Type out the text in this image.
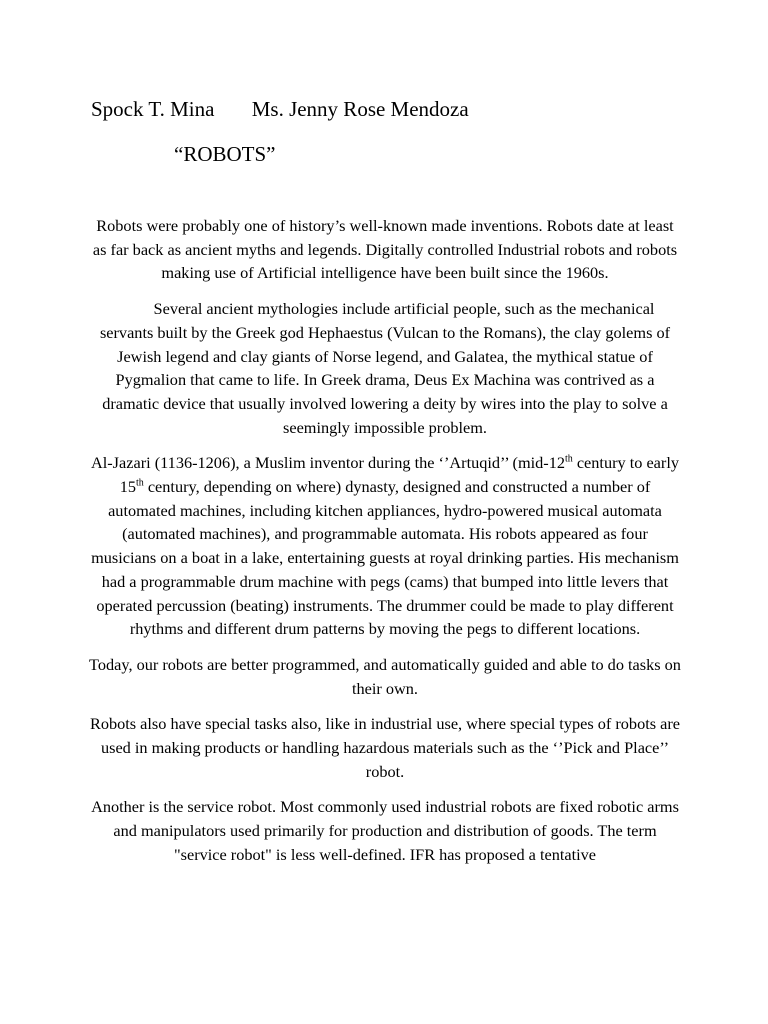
Spock T. Mina Ms. Jenny Rose Mendoza
“ROBOTS”

Robots were probably one of history’s well-known made inventions. Robots date at least as far back as ancient myths and legends. Digitally controlled Industrial robots and robots making use of Artificial intelligence have been built since the 1960s.

Several ancient mythologies include artificial people, such as the mechanical servants built by the Greek god Hephaestus (Vulcan to the Romans), the clay golems of Jewish legend and clay giants of Norse legend, and Galatea, the mythical statue of Pygmalion that came to life. In Greek drama, Deus Ex Machina was contrived as a dramatic device that usually involved lowering a deity by wires into the play to solve a seemingly impossible problem.

Al-Jazari (1136-1206), a Muslim inventor during the ‘’Artuqid’’ (mid-12th century to early 15th century, depending on where) dynasty, designed and constructed a number of automated machines, including kitchen appliances, hydro-powered musical automata (automated machines), and programmable automata. His robots appeared as four musicians on a boat in a lake, entertaining guests at royal drinking parties. His mechanism had a programmable drum machine with pegs (cams) that bumped into little levers that operated percussion (beating) instruments. The drummer could be made to play different rhythms and different drum patterns by moving the pegs to different locations.

Today, our robots are better programmed, and automatically guided and able to do tasks on their own.

Robots also have special tasks also, like in industrial use, where special types of robots are used in making products or handling hazardous materials such as the ‘’Pick and Place’’ robot.

Another is the service robot. Most commonly used industrial robots are fixed robotic arms and manipulators used primarily for production and distribution of goods. The term "service robot" is less well-defined. IFR has proposed a tentative
